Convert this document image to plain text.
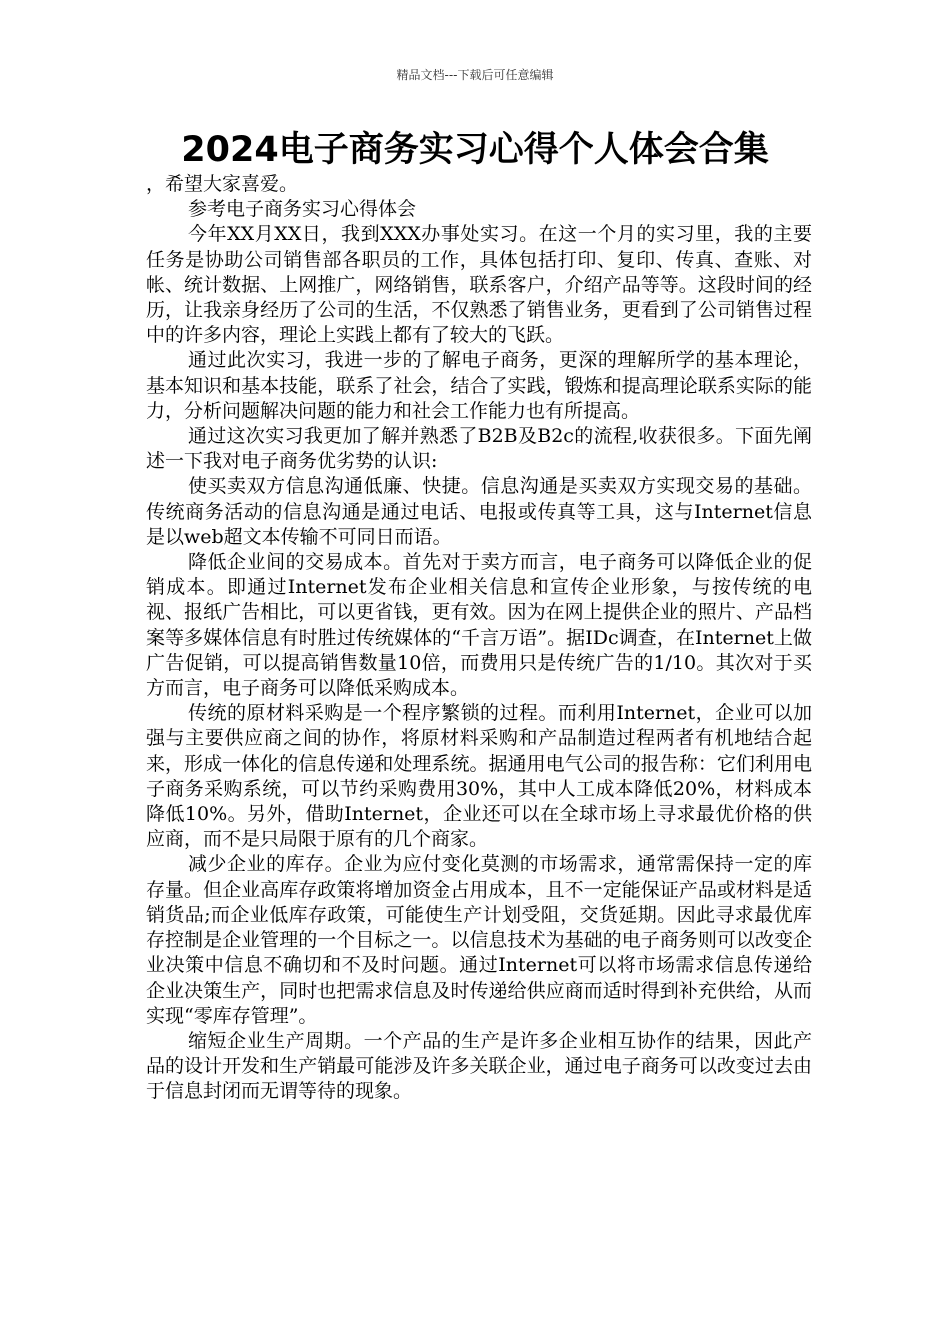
精品文档---下载后可任意编辑
2024电子商务实习心得个人体会合集

，希望大家喜爱。

参考电子商务实习心得体会

今年XX月XX日，我到XXX办事处实习。在这一个月的实习里，我的主要任务是协助公司销售部各职员的工作，具体包括打印、复印、传真、查账、对帐、统计数据、上网推广，网络销售，联系客户，介绍产品等等。这段时间的经历，让我亲身经历了公司的生活，不仅熟悉了销售业务，更看到了公司销售过程中的许多内容，理论上实践上都有了较大的飞跃。

通过此次实习，我进一步的了解电子商务，更深的理解所学的基本理论，基本知识和基本技能，联系了社会，结合了实践，锻炼和提高理论联系实际的能力，分析问题解决问题的能力和社会工作能力也有所提高。

通过这次实习我更加了解并熟悉了B2B及B2c的流程,收获很多。下面先阐述一下我对电子商务优劣势的认识:

使买卖双方信息沟通低廉、快捷。信息沟通是买卖双方实现交易的基础。传统商务活动的信息沟通是通过电话、电报或传真等工具，这与Internet信息是以web超文本传输不可同日而语。

降低企业间的交易成本。首先对于卖方而言，电子商务可以降低企业的促销成本。即通过Internet发布企业相关信息和宣传企业形象，与按传统的电视、报纸广告相比，可以更省钱，更有效。因为在网上提供企业的照片、产品档案等多媒体信息有时胜过传统媒体的“千言万语”。据IDc调查，在Internet上做广告促销，可以提高销售数量10倍，而费用只是传统广告的1/10。其次对于买方而言，电子商务可以降低采购成本。

传统的原材料采购是一个程序繁锁的过程。而利用Internet，企业可以加强与主要供应商之间的协作，将原材料采购和产品制造过程两者有机地结合起来，形成一体化的信息传递和处理系统。据通用电气公司的报告称：它们利用电子商务采购系统，可以节约采购费用30%，其中人工成本降低20%，材料成本降低10%。另外，借助Internet，企业还可以在全球市场上寻求最优价格的供应商，而不是只局限于原有的几个商家。

减少企业的库存。企业为应付变化莫测的市场需求，通常需保持一定的库存量。但企业高库存政策将增加资金占用成本，且不一定能保证产品或材料是适销货品;而企业低库存政策，可能使生产计划受阻，交货延期。因此寻求最优库存控制是企业管理的一个目标之一。以信息技术为基础的电子商务则可以改变企业决策中信息不确切和不及时问题。通过Internet可以将市场需求信息传递给企业决策生产，同时也把需求信息及时传递给供应商而适时得到补充供给，从而实现“零库存管理”。

缩短企业生产周期。一个产品的生产是许多企业相互协作的结果，因此产品的设计开发和生产销最可能涉及许多关联企业，通过电子商务可以改变过去由于信息封闭而无谓等待的现象。
